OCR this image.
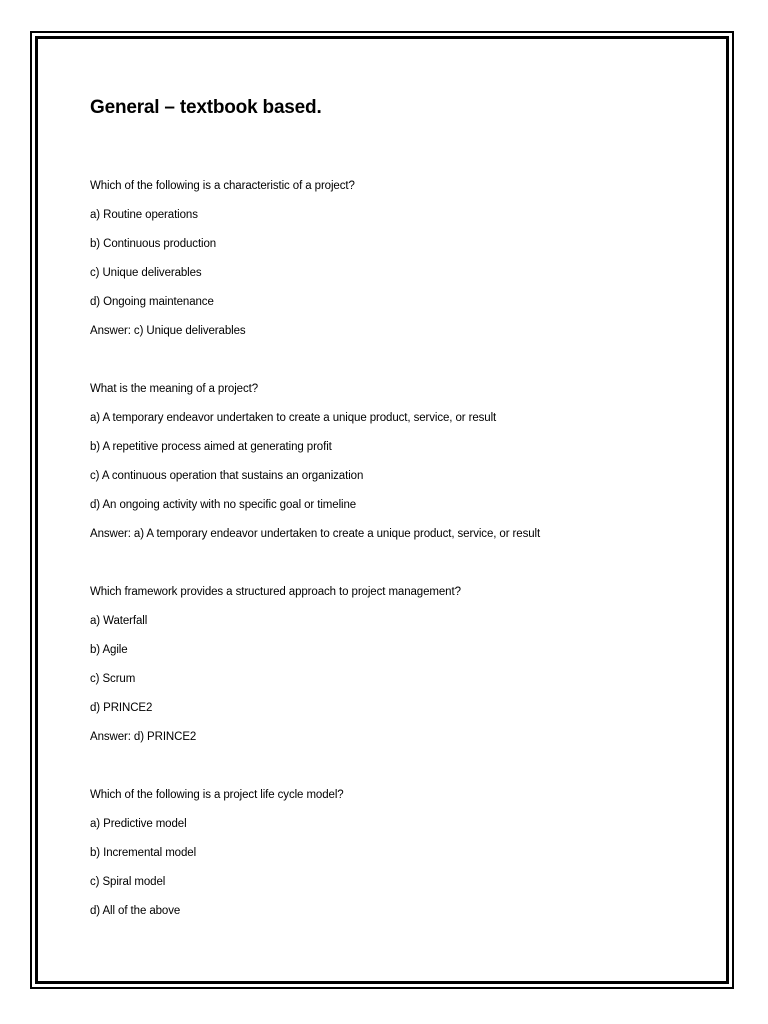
General – textbook based.
Which of the following is a characteristic of a project?
a) Routine operations
b) Continuous production
c) Unique deliverables
d) Ongoing maintenance
Answer: c) Unique deliverables
What is the meaning of a project?
a) A temporary endeavor undertaken to create a unique product, service, or result
b) A repetitive process aimed at generating profit
c) A continuous operation that sustains an organization
d) An ongoing activity with no specific goal or timeline
Answer: a) A temporary endeavor undertaken to create a unique product, service, or result
Which framework provides a structured approach to project management?
a) Waterfall
b) Agile
c) Scrum
d) PRINCE2
Answer: d) PRINCE2
Which of the following is a project life cycle model?
a) Predictive model
b) Incremental model
c) Spiral model
d) All of the above
